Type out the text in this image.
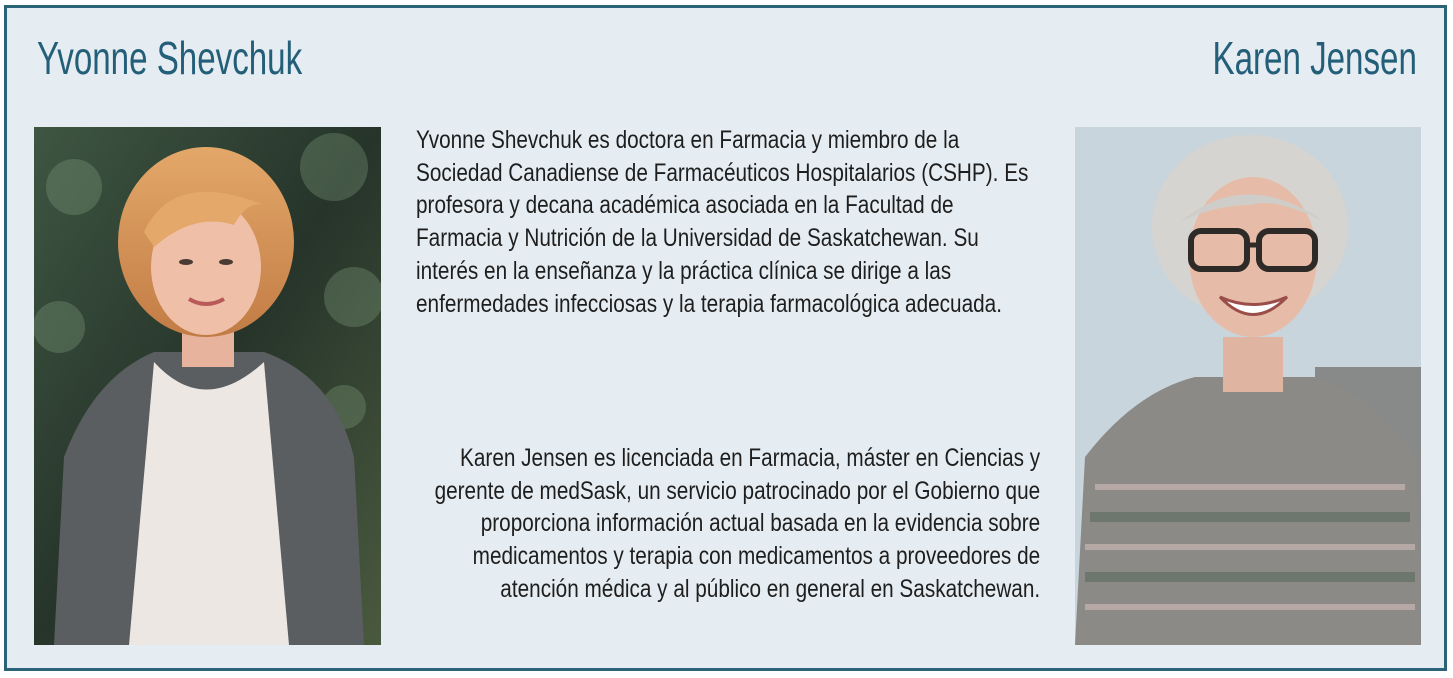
Yvonne Shevchuk	Karen Jensen
Yvonne Shevchuk es doctora en Farmacia y miembro de la Sociedad Canadiense de Farmacéuticos Hospitalarios (CSHP). Es profesora y decana académica asociada en la Facultad de Farmacia y Nutrición de la Universidad de Saskatchewan. Su interés en la enseñanza y la práctica clínica se dirige a las enfermedades infecciosas y la terapia farmacológica adecuada.
Karen Jensen es licenciada en Farmacia, máster en Ciencias y gerente de medSask, un servicio patrocinado por el Gobierno que proporciona información actual basada en la evidencia sobre medicamentos y terapia con medicamentos a proveedores de atención médica y al público en general en Saskatchewan.
